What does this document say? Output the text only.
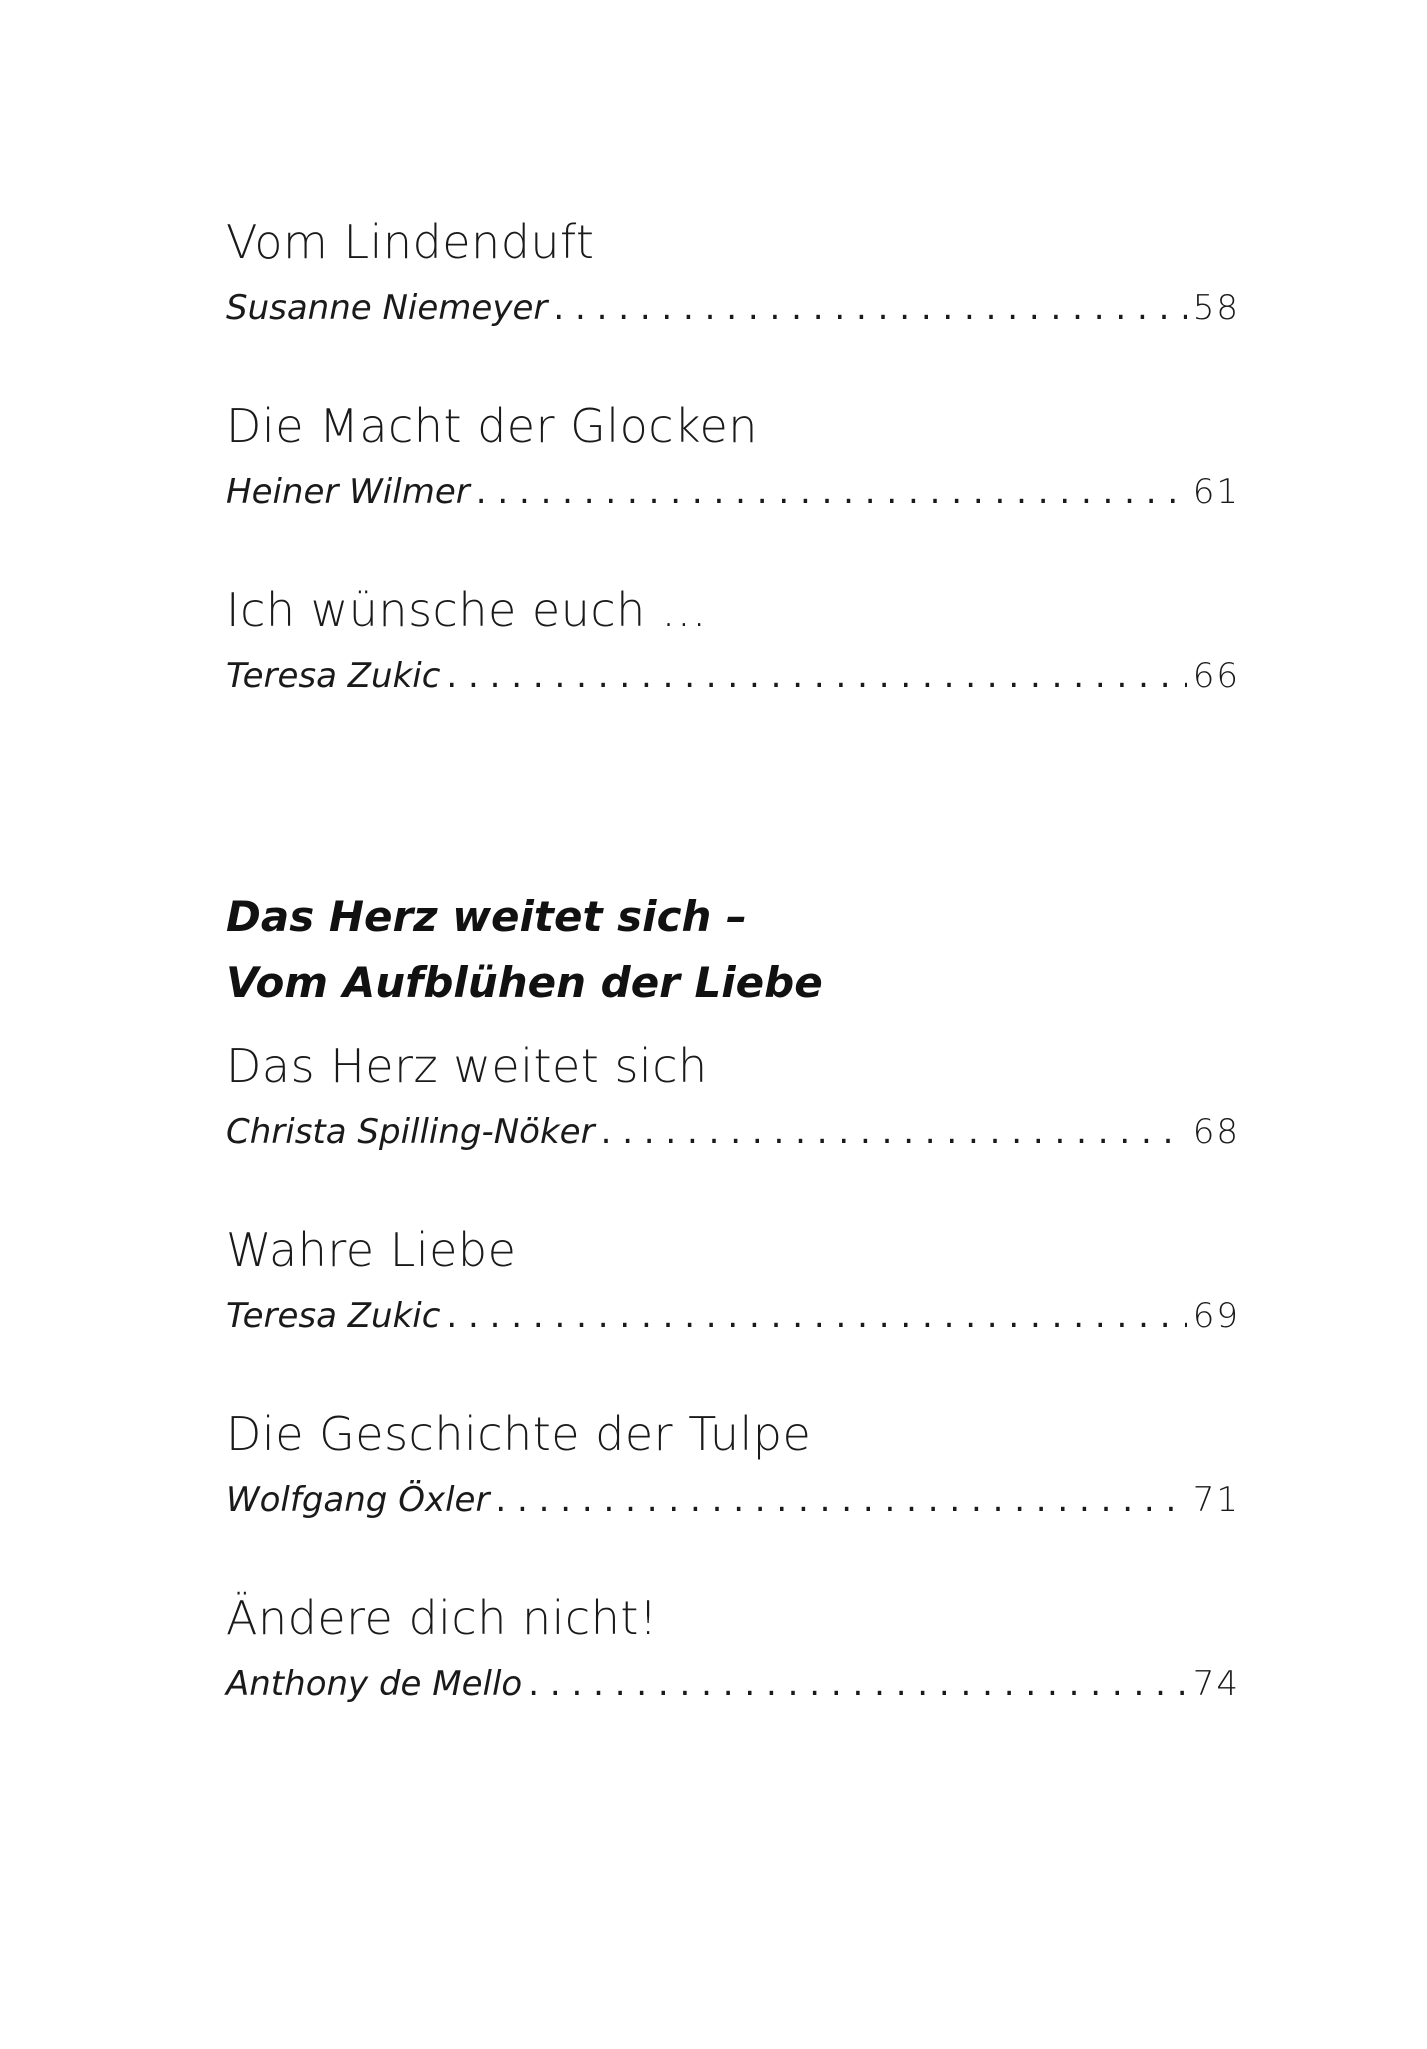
Vom Lindenduft
Susanne Niemeyer . . .	58
Die Macht der Glocken
Heiner Wilmer . . .	61
Ich wünsche euch …
Teresa Zukic . . .	66
Das Herz weitet sich –
Vom Aufblühen der Liebe
Das Herz weitet sich
Christa Spilling-Nöker . . .	68
Wahre Liebe
Teresa Zukic . . .	69
Die Geschichte der Tulpe
Wolfgang Öxler . . .	71
Ändere dich nicht!
Anthony de Mello . . .	74
